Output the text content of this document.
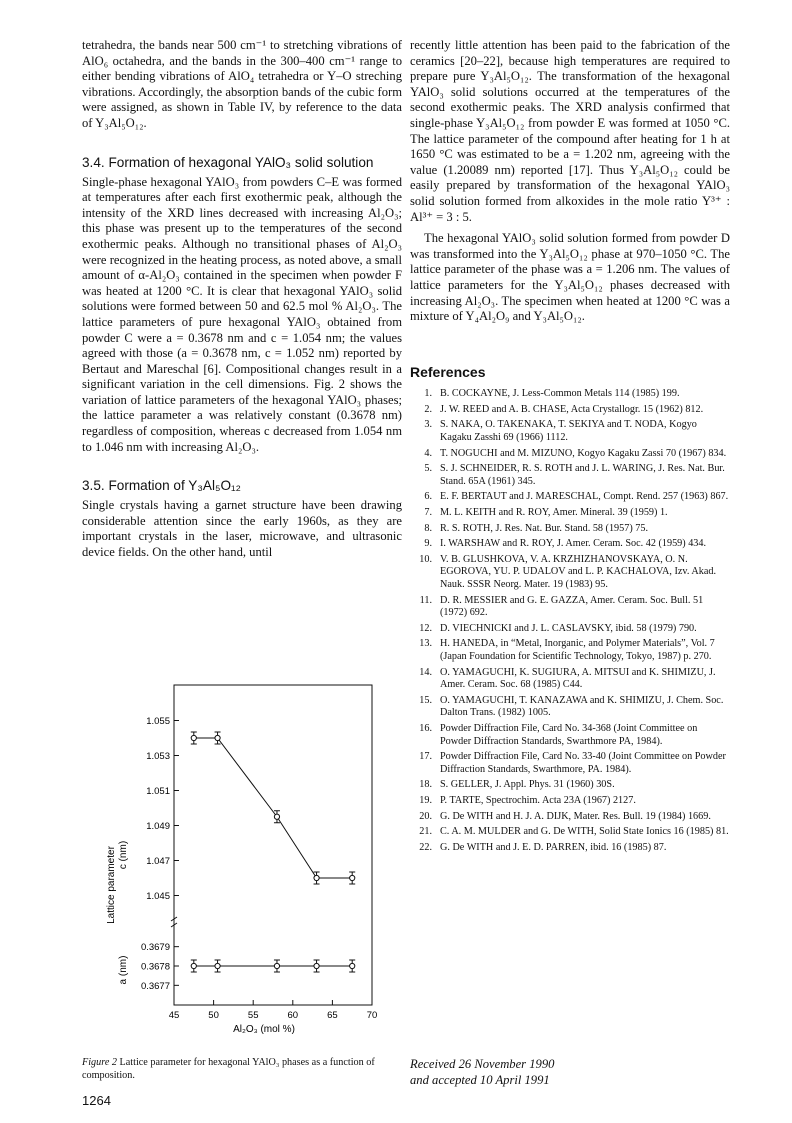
tetrahedra, the bands near 500 cm⁻¹ to stretching vibrations of AlO₆ octahedra, and the bands in the 300–400 cm⁻¹ range to either bending vibrations of AlO₄ tetrahedra or Y–O streching vibrations. Accordingly, the absorption bands of the cubic form were assigned, as shown in Table IV, by reference to the data of Y₃Al₅O₁₂.

3.4. Formation of hexagonal YAlO₃ solid solution

Single-phase hexagonal YAlO₃ from powders C–E was formed at temperatures after each first exothermic peak, although the intensity of the XRD lines decreased with increasing Al₂O₃; this phase was present up to the temperatures of the second exothermic peaks. Although no transitional phases of Al₂O₃ were recognized in the heating process, as noted above, a small amount of α-Al₂O₃ contained in the specimen when powder F was heated at 1200 °C. It is clear that hexagonal YAlO₃ solid solutions were formed between 50 and 62.5 mol % Al₂O₃. The lattice parameters of pure hexagonal YAlO₃ obtained from powder C were a = 0.3678 nm and c = 1.054 nm; the values agreed with those (a = 0.3678 nm, c = 1.052 nm) reported by Bertaut and Mareschal [6]. Compositional changes result in a significant variation in the cell dimensions. Fig. 2 shows the variation of lattice parameters of the hexagonal YAlO₃ phases; the lattice parameter a was relatively constant (0.3678 nm) regardless of composition, whereas c decreased from 1.054 nm to 1.046 nm with increasing Al₂O₃.

3.5. Formation of Y₃Al₅O₁₂

Single crystals having a garnet structure have been drawing considerable attention since the early 1960s, as they are important crystals in the laser, microwave, and ultrasonic device fields. On the other hand, until

Lattice parameter c (nm)
a (nm)
Al₂O₃ (mol %)
45	50	55	60	65	70
1.055
1.053
1.051
1.049
1.047
1.045
0.3679
0.3678
0.3677
Figure 2 Lattice parameter for hexagonal YAlO₃ phases as a function of composition.

recently little attention has been paid to the fabrication of the ceramics [20–22], because high temperatures are required to prepare pure Y₃Al₅O₁₂. The transformation of the hexagonal YAlO₃ solid solutions occurred at the temperatures of the second exothermic peaks. The XRD analysis confirmed that single-phase Y₃Al₅O₁₂ from powder E was formed at 1050 °C. The lattice parameter of the compound after heating for 1 h at 1650 °C was estimated to be a = 1.202 nm, agreeing with the value (1.20089 nm) reported [17]. Thus Y₃Al₅O₁₂ could be easily prepared by transformation of the hexagonal YAlO₃ solid solution formed from alkoxides in the mole ratio Y³⁺ : Al³⁺ = 3 : 5.

The hexagonal YAlO₃ solid solution formed from powder D was transformed into the Y₃Al₅O₁₂ phase at 970–1050 °C. The lattice parameter of the phase was a = 1.206 nm. The values of lattice parameters for the Y₃Al₅O₁₂ phases decreased with increasing Al₂O₃. The specimen when heated at 1200 °C was a mixture of Y₄Al₂O₉ and Y₃Al₅O₁₂.

References
1. B. COCKAYNE, J. Less-Common Metals 114 (1985) 199.
2. J. W. REED and A. B. CHASE, Acta Crystallogr. 15 (1962) 812.
3. S. NAKA, O. TAKENAKA, T. SEKIYA and T. NODA, Kogyo Kagaku Zasshi 69 (1966) 1112.
4. T. NOGUCHI and M. MIZUNO, Kogyo Kagaku Zassi 70 (1967) 834.
5. S. J. SCHNEIDER, R. S. ROTH and J. L. WARING, J. Res. Nat. Bur. Stand. 65A (1961) 345.
6. E. F. BERTAUT and J. MARESCHAL, Compt. Rend. 257 (1963) 867.
7. M. L. KEITH and R. ROY, Amer. Mineral. 39 (1959) 1.
8. R. S. ROTH, J. Res. Nat. Bur. Stand. 58 (1957) 75.
9. I. WARSHAW and R. ROY, J. Amer. Ceram. Soc. 42 (1959) 434.
10. V. B. GLUSHKOVA, V. A. KRZHIZHANOVSKAYA, O. N. EGOROVA, YU. P. UDALOV and L. P. KACHALOVA, Izv. Akad. Nauk. SSSR Neorg. Mater. 19 (1983) 95.
11. D. R. MESSIER and G. E. GAZZA, Amer. Ceram. Soc. Bull. 51 (1972) 692.
12. D. VIECHNICKI and J. L. CASLAVSKY, ibid. 58 (1979) 790.
13. H. HANEDA, in “Metal, Inorganic, and Polymer Materials”, Vol. 7 (Japan Foundation for Scientific Technology, Tokyo, 1987) p. 270.
14. O. YAMAGUCHI, K. SUGIURA, A. MITSUI and K. SHIMIZU, J. Amer. Ceram. Soc. 68 (1985) C44.
15. O. YAMAGUCHI, T. KANAZAWA and K. SHIMIZU, J. Chem. Soc. Dalton Trans. (1982) 1005.
16. Powder Diffraction File, Card No. 34-368 (Joint Committee on Powder Diffraction Standards, Swarthmore PA, 1984).
17. Powder Diffraction File, Card No. 33-40 (Joint Committee on Powder Diffraction Standards, Swarthmore, PA. 1984).
18. S. GELLER, J. Appl. Phys. 31 (1960) 30S.
19. P. TARTE, Spectrochim. Acta 23A (1967) 2127.
20. G. De WITH and H. J. A. DIJK, Mater. Res. Bull. 19 (1984) 1669.
21. C. A. M. MULDER and G. De WITH, Solid State Ionics 16 (1985) 81.
22. G. De WITH and J. E. D. PARREN, ibid. 16 (1985) 87.
Received 26 November 1990
and accepted 10 April 1991
1264
